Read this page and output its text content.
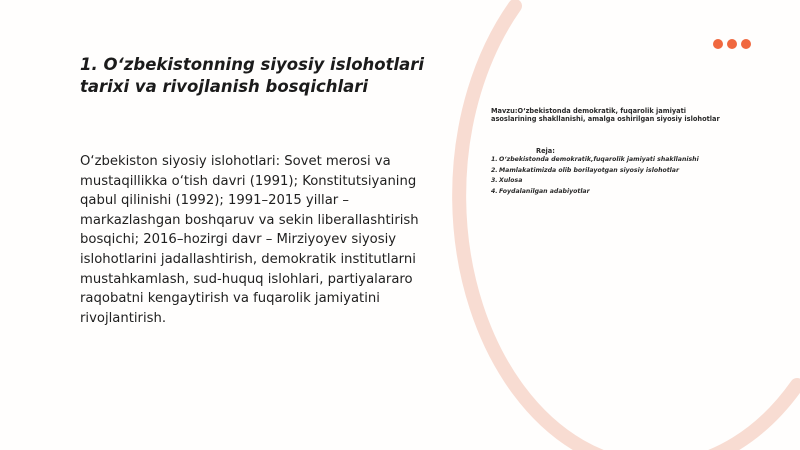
1. O‘zbekistonning siyosiy islohotlari tarixi va rivojlanish bosqichlari

O‘zbekiston siyosiy islohotlari: Sovet merosi va mustaqillikka o‘tish davri (1991); Konstitutsiyaning qabul qilinishi (1992); 1991–2015 yillar – markazlashgan boshqaruv va sekin liberallashtirish bosqichi; 2016–hozirgi davr – Mirziyoyev siyosiy islohotlarini jadallashtirish, demokratik institutlarni mustahkamlash, sud-huquq islohlari, partiyalararo raqobatni kengaytirish va fuqarolik jamiyatini rivojlantirish.

Mavzu:O‘zbekistonda demokratik, fuqarolik jamiyati asoslarining shakllanishi, amalga oshirilgan siyosiy islohotlar

Reja:

1. O‘zbekistonda demokratik,fuqarolik jamiyati shakllanishi
2. Mamlakatimizda olib borilayotgan siyosiy islohotlar
3. Xulosa
4. Foydalanilgan adabiyotlar
